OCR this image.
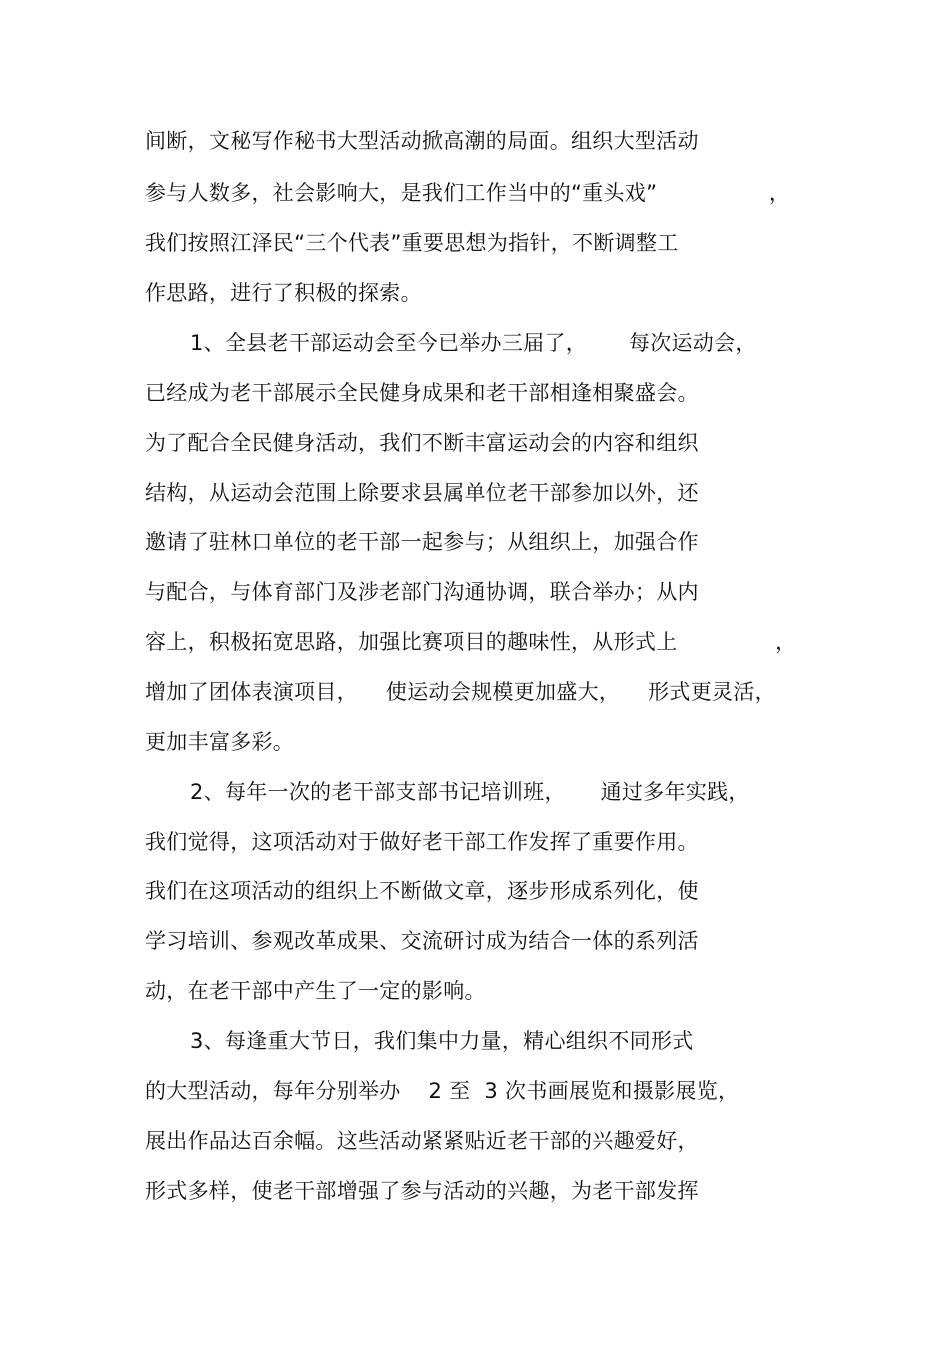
间断，文秘写作秘书大型活动掀高潮的局面。组织大型活动
参与人数多，社会影响大，是我们工作当中的“重头戏”                ，
我们按照江泽民“三个代表”重要思想为指针，不断调整工
作思路，进行了积极的探索。
1、全县老干部运动会至今已举办三届了，      每次运动会，
已经成为老干部展示全民健身成果和老干部相逢相聚盛会。
为了配合全民健身活动，我们不断丰富运动会的内容和组织
结构，从运动会范围上除要求县属单位老干部参加以外，还
邀请了驻林口单位的老干部一起参与；从组织上，加强合作
与配合，与体育部门及涉老部门沟通协调，联合举办；从内
容上，积极拓宽思路，加强比赛项目的趣味性，从形式上              ，
增加了团体表演项目，    使运动会规模更加盛大，    形式更灵活，
更加丰富多彩。
2、每年一次的老干部支部书记培训班，     通过多年实践，
我们觉得，这项活动对于做好老干部工作发挥了重要作用。
我们在这项活动的组织上不断做文章，逐步形成系列化，使
学习培训、参观改革成果、交流研讨成为结合一体的系列活
动，在老干部中产生了一定的影响。
3、每逢重大节日，我们集中力量，精心组织不同形式
的大型活动，每年分别举办    2 至  3 次书画展览和摄影展览，
展出作品达百余幅。这些活动紧紧贴近老干部的兴趣爱好，
形式多样，使老干部增强了参与活动的兴趣，为老干部发挥
